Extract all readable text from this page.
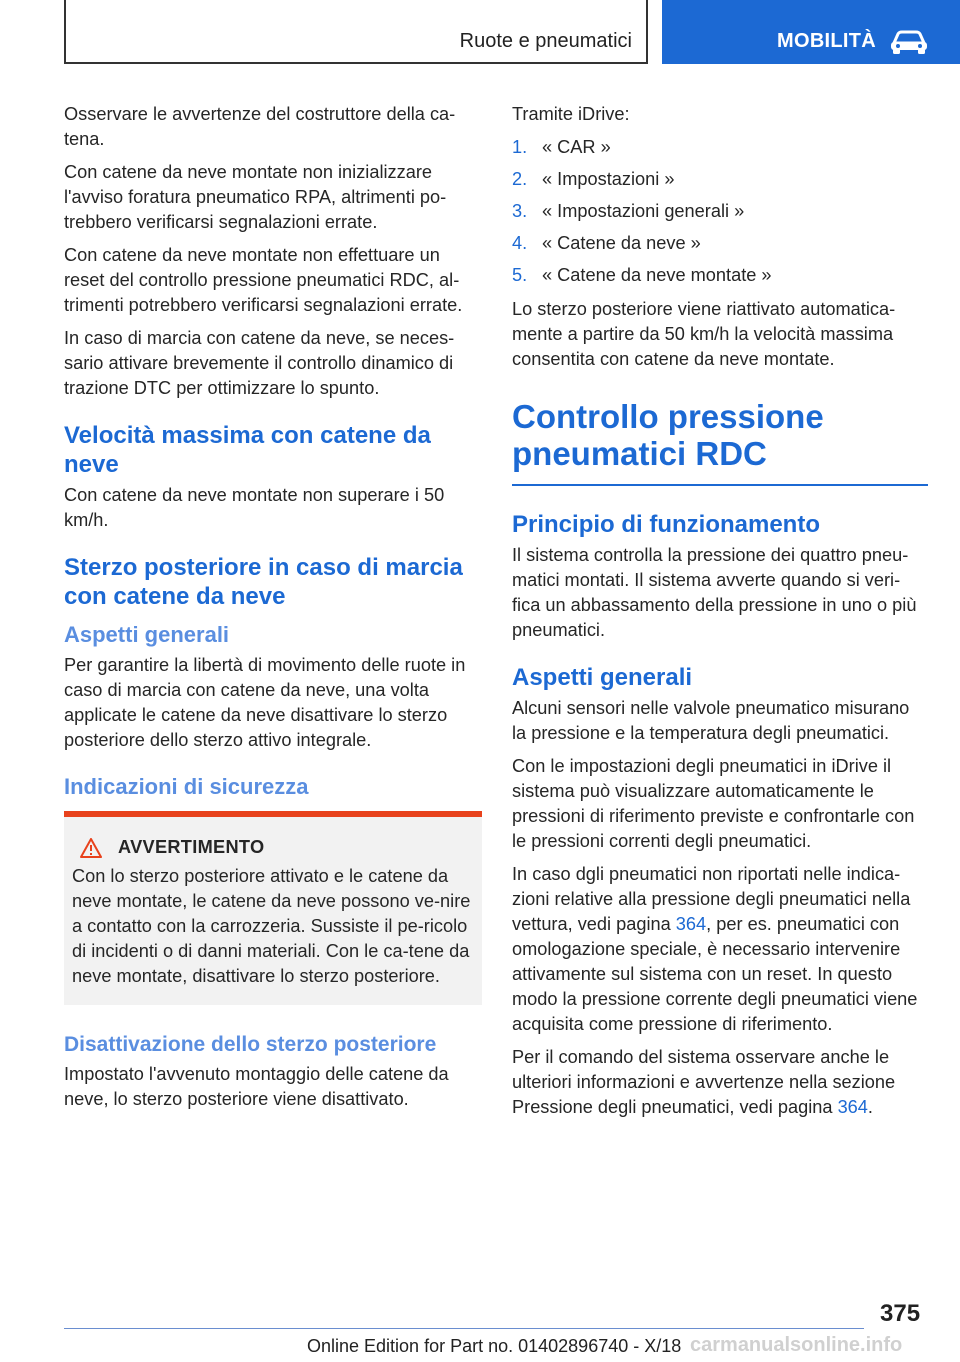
Ruote e pneumatici	MOBILITÀ

Osservare le avvertenze del costruttore della ca-tena.

Con catene da neve montate non inizializzare l'avviso foratura pneumatico RPA, altrimenti po-trebbero verificarsi segnalazioni errate.

Con catene da neve montate non effettuare un reset del controllo pressione pneumatici RDC, al-trimenti potrebbero verificarsi segnalazioni errate.

In caso di marcia con catene da neve, se neces-sario attivare brevemente il controllo dinamico di trazione DTC per ottimizzare lo spunto.

Velocità massima con catene da neve

Con catene da neve montate non superare i 50 km/h.

Sterzo posteriore in caso di marcia con catene da neve
Aspetti generali

Per garantire la libertà di movimento delle ruote in caso di marcia con catene da neve, una volta applicate le catene da neve disattivare lo sterzo posteriore dello sterzo attivo integrale.

Indicazioni di sicurezza
AVVERTIMENTO

Con lo sterzo posteriore attivato e le catene da neve montate, le catene da neve possono ve-nire a contatto con la carrozzeria. Sussiste il pe-ricolo di incidenti o di danni materiali. Con le ca-tene da neve montate, disattivare lo sterzo posteriore.

Disattivazione dello sterzo posteriore

Impostato l'avvenuto montaggio delle catene da neve, lo sterzo posteriore viene disattivato.

Tramite iDrive:

1. « CAR »
2. « Impostazioni »
3. « Impostazioni generali »
4. « Catene da neve »
5. « Catene da neve montate »

Lo sterzo posteriore viene riattivato automatica-mente a partire da 50 km/h la velocità massima consentita con catene da neve montate.

Controllo pressione pneumatici RDC
Principio di funzionamento

Il sistema controlla la pressione dei quattro pneu-matici montati. Il sistema avverte quando si veri-fica un abbassamento della pressione in uno o più pneumatici.

Aspetti generali

Alcuni sensori nelle valvole pneumatico misurano la pressione e la temperatura degli pneumatici.

Con le impostazioni degli pneumatici in iDrive il sistema può visualizzare automaticamente le pressioni di riferimento previste e confrontarle con le pressioni correnti degli pneumatici.

In caso dgli pneumatici non riportati nelle indica-zioni relative alla pressione degli pneumatici nella vettura, vedi pagina 364, per es. pneumatici con omologazione speciale, è necessario intervenire attivamente sul sistema con un reset. In questo modo la pressione corrente degli pneumatici viene acquisita come pressione di riferimento.

Per il comando del sistema osservare anche le ulteriori informazioni e avvertenze nella sezione Pressione degli pneumatici, vedi pagina 364.

375
Online Edition for Part no. 01402896740 - X/18 carmanualsonline.info
